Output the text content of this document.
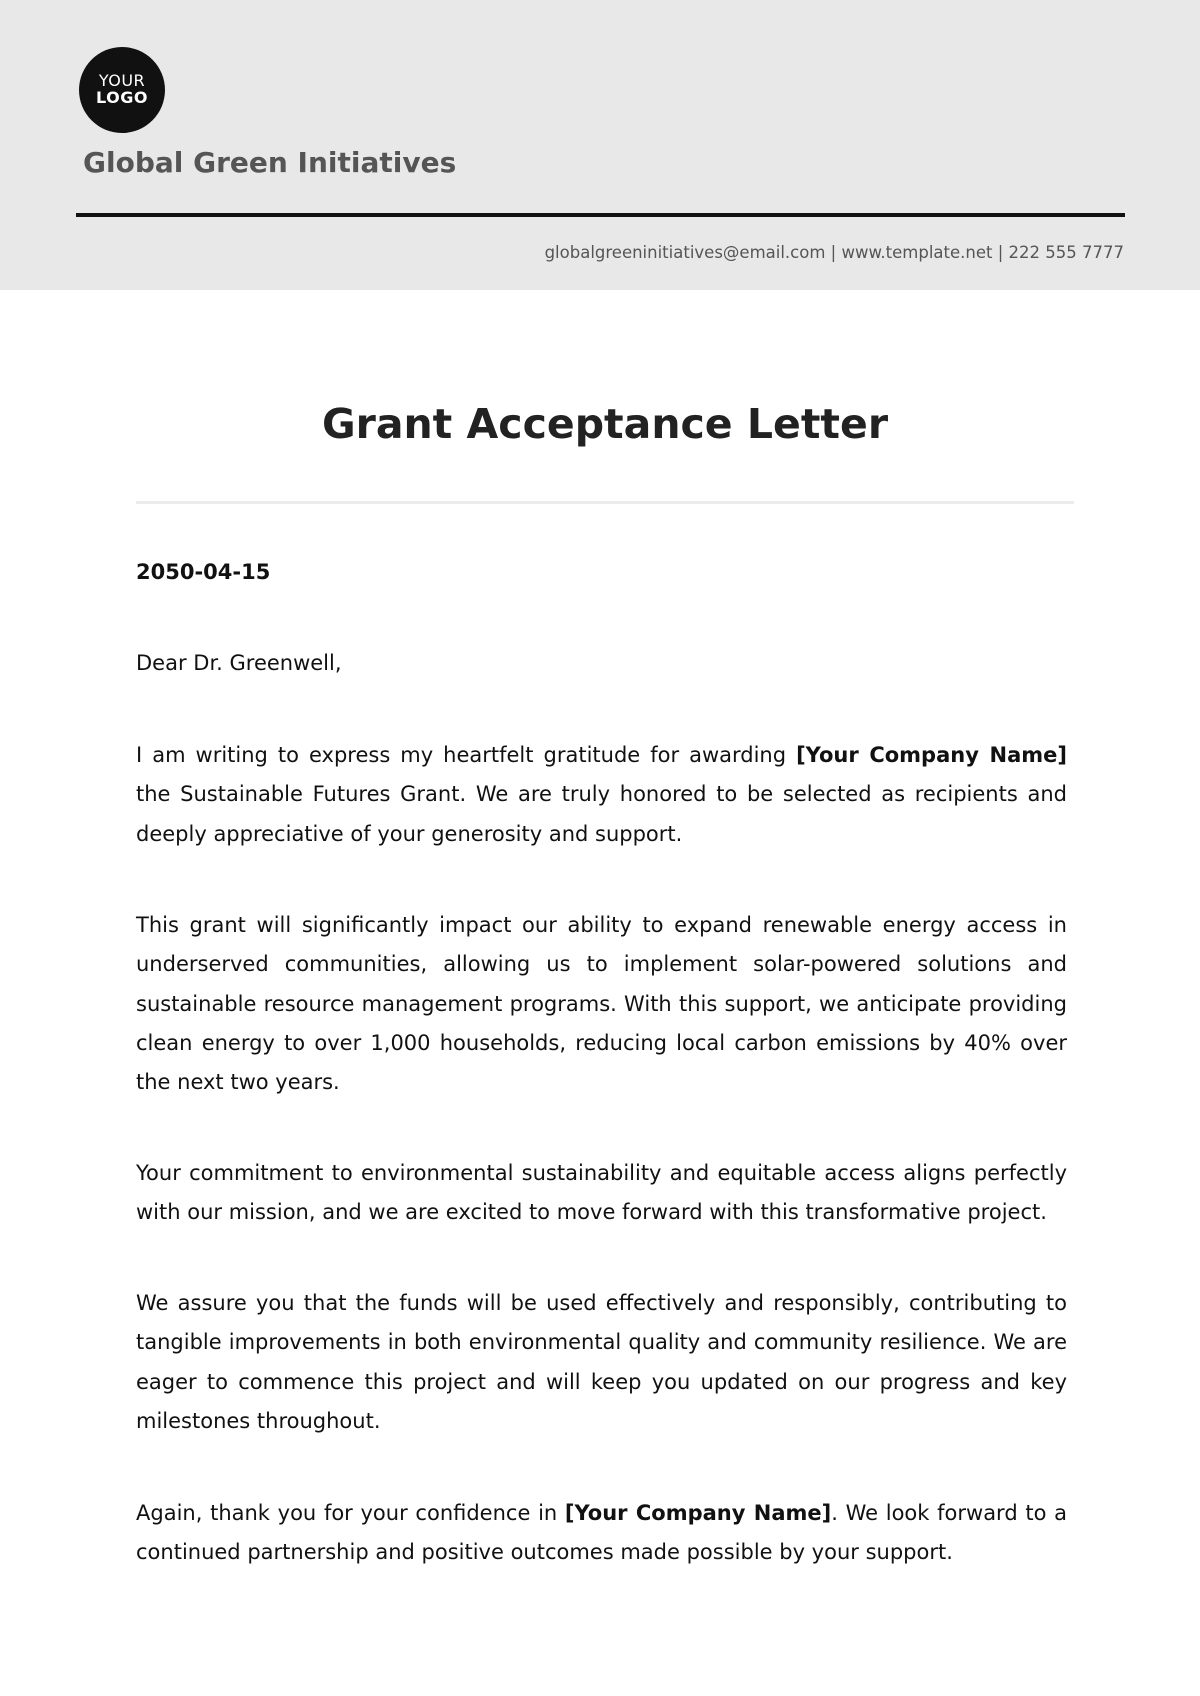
YOUR
LOGO
Global Green Initiatives
globalgreeninitiatives@email.com | www.template.net | 222 555 7777
Grant Acceptance Letter
2050-04-15
Dear Dr. Greenwell,

I am writing to express my heartfelt gratitude for awarding [Your Company Name] the Sustainable Futures Grant. We are truly honored to be selected as recipients and deeply appreciative of your generosity and support.

This grant will significantly impact our ability to expand renewable energy access in underserved communities, allowing us to implement solar-powered solutions and sustainable resource management programs. With this support, we anticipate providing clean energy to over 1,000 households, reducing local carbon emissions by 40% over the next two years.

Your commitment to environmental sustainability and equitable access aligns perfectly with our mission, and we are excited to move forward with this transformative project.

We assure you that the funds will be used effectively and responsibly, contributing to tangible improvements in both environmental quality and community resilience. We are eager to commence this project and will keep you updated on our progress and key milestones throughout.

Again, thank you for your confidence in [Your Company Name]. We look forward to a continued partnership and positive outcomes made possible by your support.
